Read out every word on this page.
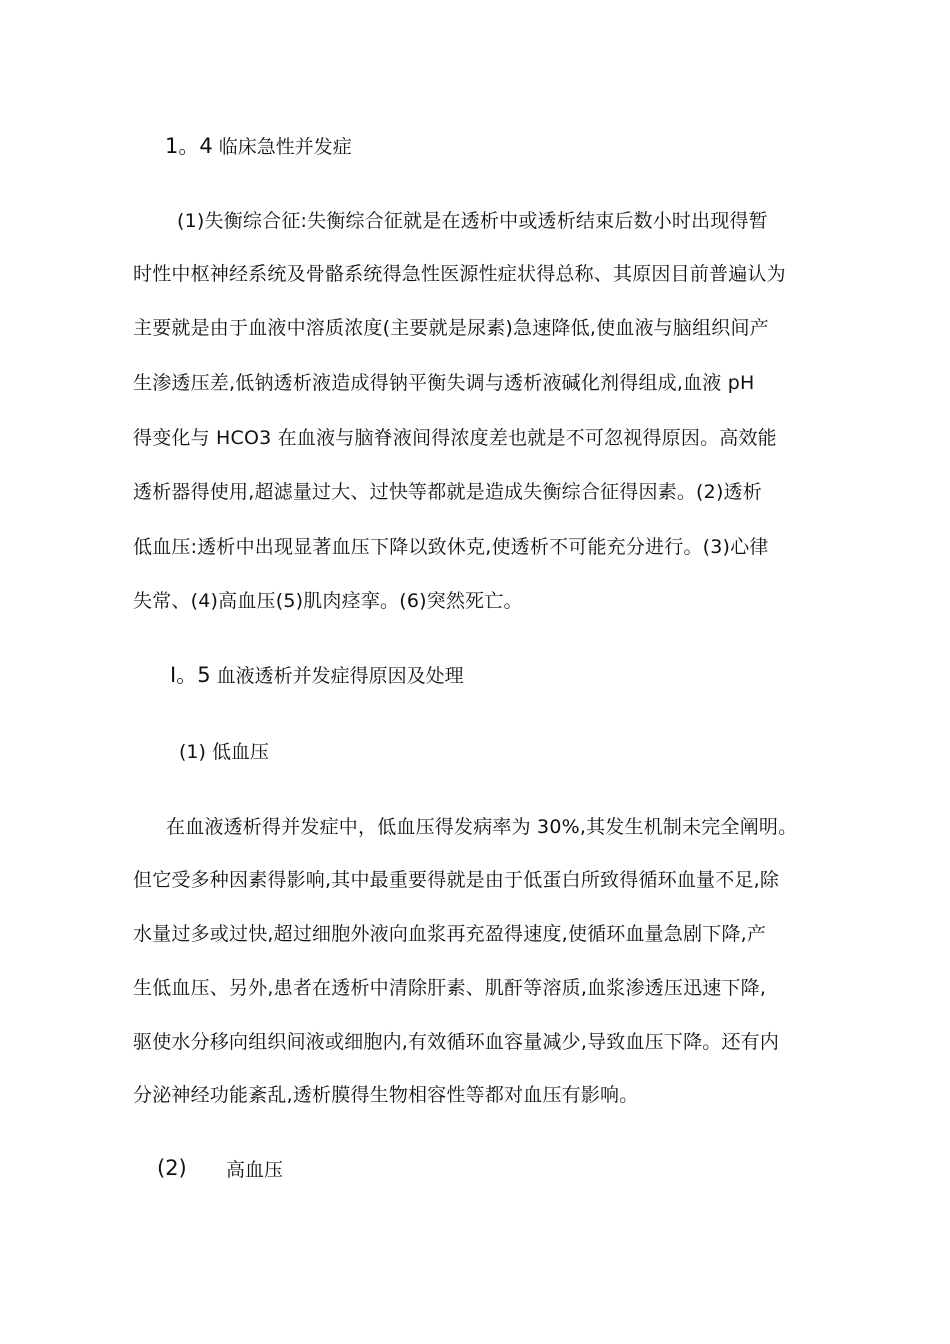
1。4 临床急性并发症
(1)失衡综合征:失衡综合征就是在透析中或透析结束后数小时出现得暂
时性中枢神经系统及骨骼系统得急性医源性症状得总称、其原因目前普遍认为
主要就是由于血液中溶质浓度(主要就是尿素)急速降低,使血液与脑组织间产
生渗透压差,低钠透析液造成得钠平衡失调与透析液碱化剂得组成,血液 pH
得变化与 HCO3 在血液与脑脊液间得浓度差也就是不可忽视得原因。高效能
透析器得使用,超滤量过大、过快等都就是造成失衡综合征得因素。(2)透析
低血压:透析中出现显著血压下降以致休克,使透析不可能充分进行。(3)心律
失常、(4)高血压(5)肌肉痉挛。(6)突然死亡。
I。5 血液透析并发症得原因及处理
(1) 低血压
在血液透析得并发症中，低血压得发病率为 30%,其发生机制未完全阐明。
但它受多种因素得影响,其中最重要得就是由于低蛋白所致得循环血量不足,除
水量过多或过快,超过细胞外液向血浆再充盈得速度,使循环血量急剧下降,产
生低血压、另外,患者在透析中清除肝素、肌酐等溶质,血浆渗透压迅速下降,
驱使水分移向组织间液或细胞内,有效循环血容量减少,导致血压下降。还有内
分泌神经功能紊乱,透析膜得生物相容性等都对血压有影响。
(2) 高血压
